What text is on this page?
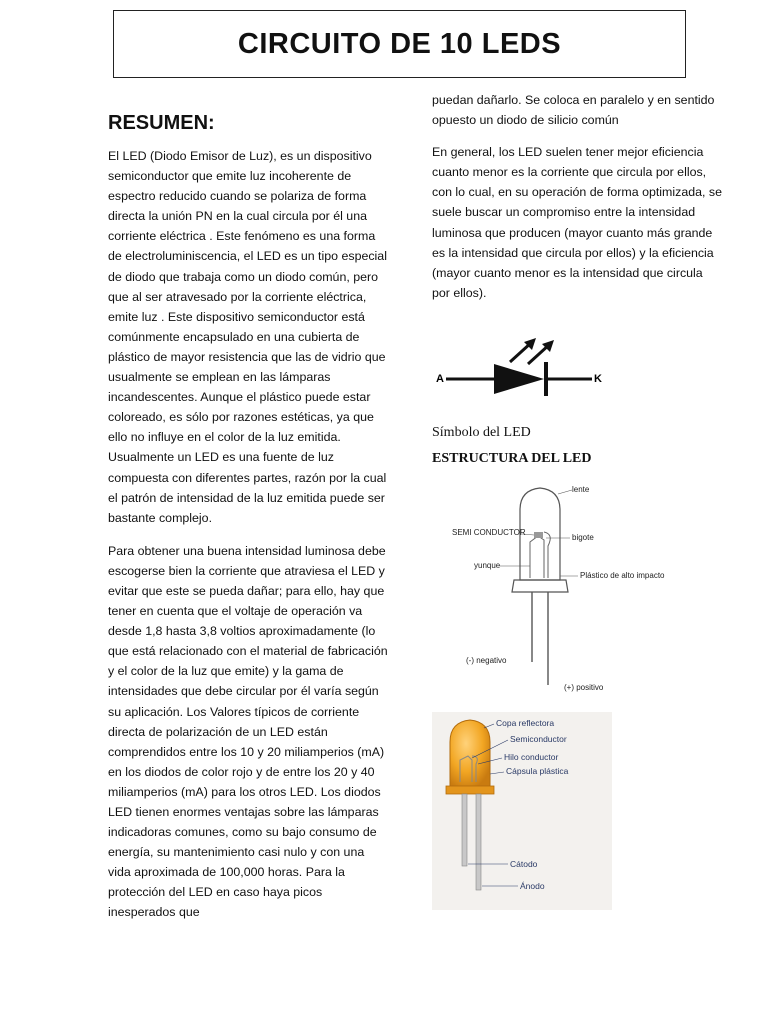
CIRCUITO DE 10 LEDS
RESUMEN:

El LED (Diodo Emisor de Luz), es un dispositivo semiconductor que emite luz incoherente de espectro reducido cuando se polariza de forma directa la unión PN en la cual circula por él una corriente eléctrica . Este fenómeno es una forma de electroluminiscencia, el LED es un tipo especial de diodo que trabaja como un diodo común, pero que al ser atravesado por la corriente eléctrica, emite luz . Este dispositivo semiconductor está comúnmente encapsulado en una cubierta de plástico de mayor resistencia que las de vidrio que usualmente se emplean en las lámparas incandescentes. Aunque el plástico puede estar coloreado, es sólo por razones estéticas, ya que ello no influye en el color de la luz emitida. Usualmente un LED es una fuente de luz compuesta con diferentes partes, razón por la cual el patrón de intensidad de la luz emitida puede ser bastante complejo.

Para obtener una buena intensidad luminosa debe escogerse bien la corriente que atraviesa el LED y evitar que este se pueda dañar; para ello, hay que tener en cuenta que el voltaje de operación va desde 1,8 hasta 3,8 voltios aproximadamente (lo que está relacionado con el material de fabricación y el color de la luz que emite) y la gama de intensidades que debe circular por él varía según su aplicación. Los Valores típicos de corriente directa de polarización de un LED están comprendidos entre los 10 y 20 miliamperios (mA) en los diodos de color rojo y de entre los 20 y 40 miliamperios (mA) para los otros LED. Los diodos LED tienen enormes ventajas sobre las lámparas indicadoras comunes, como su bajo consumo de energía, su mantenimiento casi nulo y con una vida aproximada de 100,000 horas. Para la protección del LED en caso haya picos inesperados que

puedan dañarlo. Se coloca en paralelo y en sentido opuesto un diodo de silicio común

En general, los LED suelen tener mejor eficiencia cuanto menor es la corriente que circula por ellos, con lo cual, en su operación de forma optimizada, se suele buscar un compromiso entre la intensidad luminosa que producen (mayor cuanto más grande es la intensidad que circula por ellos) y la eficiencia (mayor cuanto menor es la intensidad que circula por ellos).

A	K
Símbolo del LED
ESTRUCTURA DEL LED
lente
SEMI CONDUCTOR
bigote
yunque
Plástico de alto impacto
(-) negativo
(+) positivo
Copa reflectora
Semiconductor
Hilo conductor
Cápsula plástica
Cátodo
Ánodo
